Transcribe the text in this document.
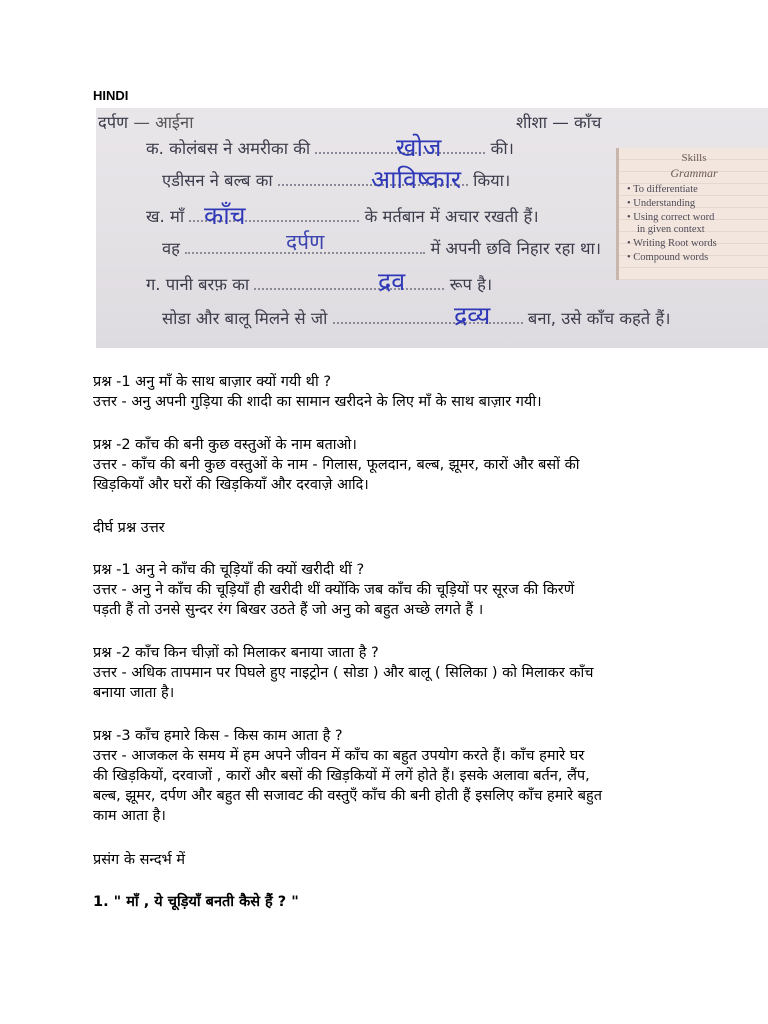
HINDI
दर्पण — आईना	शीशा — काँच
क. कोलंबस ने अमरीका की	की।
एडीसन ने बल्ब का	किया।
ख. माँ	के मर्तबान में अचार रखती हैं।
वह	में अपनी छवि निहार रहा था।
ग. पानी बरफ़ का	रूप है।
सोडा और बालू मिलने से जो	बना, उसे काँच कहते हैं।
खोज
आविष्कार
काँच
दर्पण
द्रव
द्रव्य
Skills
Grammar
• To differentiate
• Understanding
• Using correct word
in given context
• Writing Root words
• Compound words
प्रश्न -1 अनु माँ के साथ बाज़ार क्यों गयी थी ?
उत्तर - अनु अपनी गुड़िया की शादी का सामान खरीदने के लिए माँ के साथ बाज़ार गयी।
प्रश्न -2 काँच की बनी कुछ वस्तुओं के नाम बताओ।
उत्तर - काँच की बनी कुछ वस्तुओं के नाम - गिलास, फूलदान, बल्ब, झूमर, कारों और बसों की
खिड़कियाँ और घरों की खिड़कियाँ और दरवाज़े आदि।
दीर्घ प्रश्न उत्तर
प्रश्न -1 अनु ने काँच की चूड़ियाँ की क्यों खरीदी थीं ?
उत्तर - अनु ने काँच की चूड़ियाँ ही खरीदी थीं क्योंकि जब काँच की चूड़ियों पर सूरज की किरणें
पड़ती हैं तो उनसे सुन्दर रंग बिखर उठते हैं जो अनु को बहुत अच्छे लगते हैं ।
प्रश्न -2 काँच किन चीज़ों को मिलाकर बनाया जाता है ?
उत्तर - अधिक तापमान पर पिघले हुए नाइट्रोन ( सोडा ) और बालू ( सिलिका ) को मिलाकर काँच
बनाया जाता है।
प्रश्न -3 काँच हमारे किस - किस काम आता है ?
उत्तर - आजकल के समय में हम अपने जीवन में काँच का बहुत उपयोग करते हैं। काँच हमारे घर
की खिड़कियों, दरवाजों , कारों और बसों की खिड़कियों में लगें होते हैं। इसके अलावा बर्तन, लैंप,
बल्ब, झूमर, दर्पण और बहुत सी सजावट की वस्तुएँ काँच की बनी होती हैं इसलिए काँच हमारे बहुत
काम आता है।
प्रसंग के सन्दर्भ में
1. " माँ , ये चूड़ियाँ बनती कैसे हैं ? "
